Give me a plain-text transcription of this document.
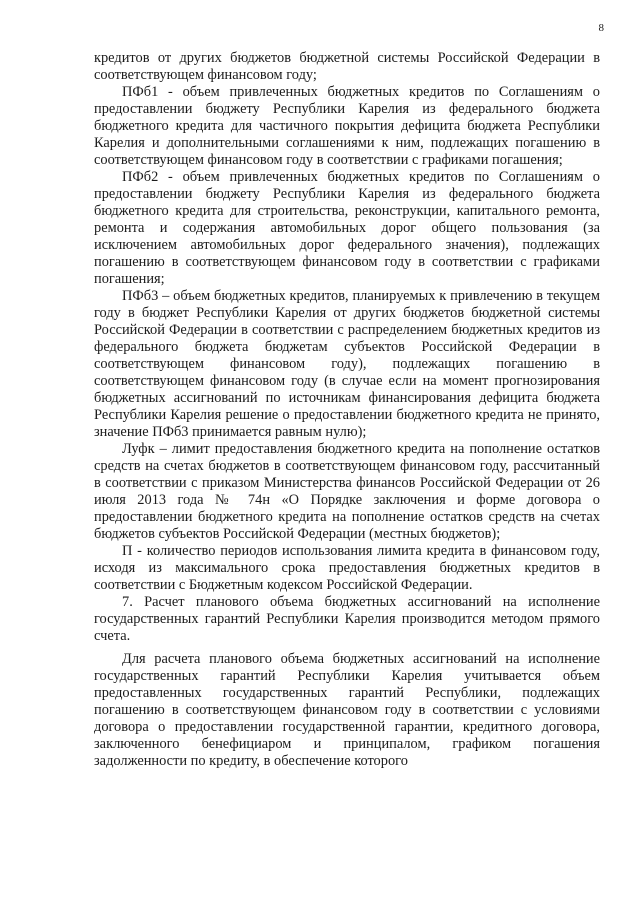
8

кредитов от других бюджетов бюджетной системы Российской Федерации в соответствующем финансовом году;

ПФб1 - объем привлеченных бюджетных кредитов по Соглашениям о предоставлении бюджету Республики Карелия из федерального бюджета бюджетного кредита для частичного покрытия дефицита бюджета Республики Карелия и дополнительными соглашениями к ним, подлежащих погашению в соответствующем финансовом году в соответствии с графиками погашения;

ПФб2 - объем привлеченных бюджетных кредитов по Соглашениям о предоставлении бюджету Республики Карелия из федерального бюджета бюджетного кредита для строительства, реконструкции, капитального ремонта, ремонта и содержания автомобильных дорог общего пользования (за исключением автомобильных дорог федерального значения), подлежащих погашению в соответствующем финансовом году в соответствии с графиками погашения;

ПФб3 – объем бюджетных кредитов, планируемых к привлечению в текущем году в бюджет Республики Карелия от других бюджетов бюджетной системы Российской Федерации в соответствии с распределением бюджетных кредитов из федерального бюджета бюджетам субъектов Российской Федерации в соответствующем финансовом году), подлежащих погашению в соответствующем финансовом году (в случае если на момент прогнозирования бюджетных ассигнований по источникам финансирования дефицита бюджета Республики Карелия решение о предоставлении бюджетного кредита не принято, значение ПФб3 принимается равным нулю);

Луфк – лимит предоставления бюджетного кредита на пополнение остатков средств на счетах бюджетов в соответствующем финансовом году, рассчитанный в соответствии с приказом Министерства финансов Российской Федерации от 26 июля 2013 года № 74н «О Порядке заключения и форме договора о предоставлении бюджетного кредита на пополнение остатков средств на счетах бюджетов субъектов Российской Федерации (местных бюджетов);

П - количество периодов использования лимита кредита в финансовом году, исходя из максимального срока предоставления бюджетных кредитов в соответствии с Бюджетным кодексом Российской Федерации.

7. Расчет планового объема бюджетных ассигнований на исполнение государственных гарантий Республики Карелия производится методом прямого счета.

Для расчета планового объема бюджетных ассигнований на исполнение государственных гарантий Республики Карелия учитывается объем предоставленных государственных гарантий Республики, подлежащих погашению в соответствующем финансовом году в соответствии с условиями договора о предоставлении государственной гарантии, кредитного договора, заключенного бенефициаром и принципалом, графиком погашения задолженности по кредиту, в обеспечение которого
